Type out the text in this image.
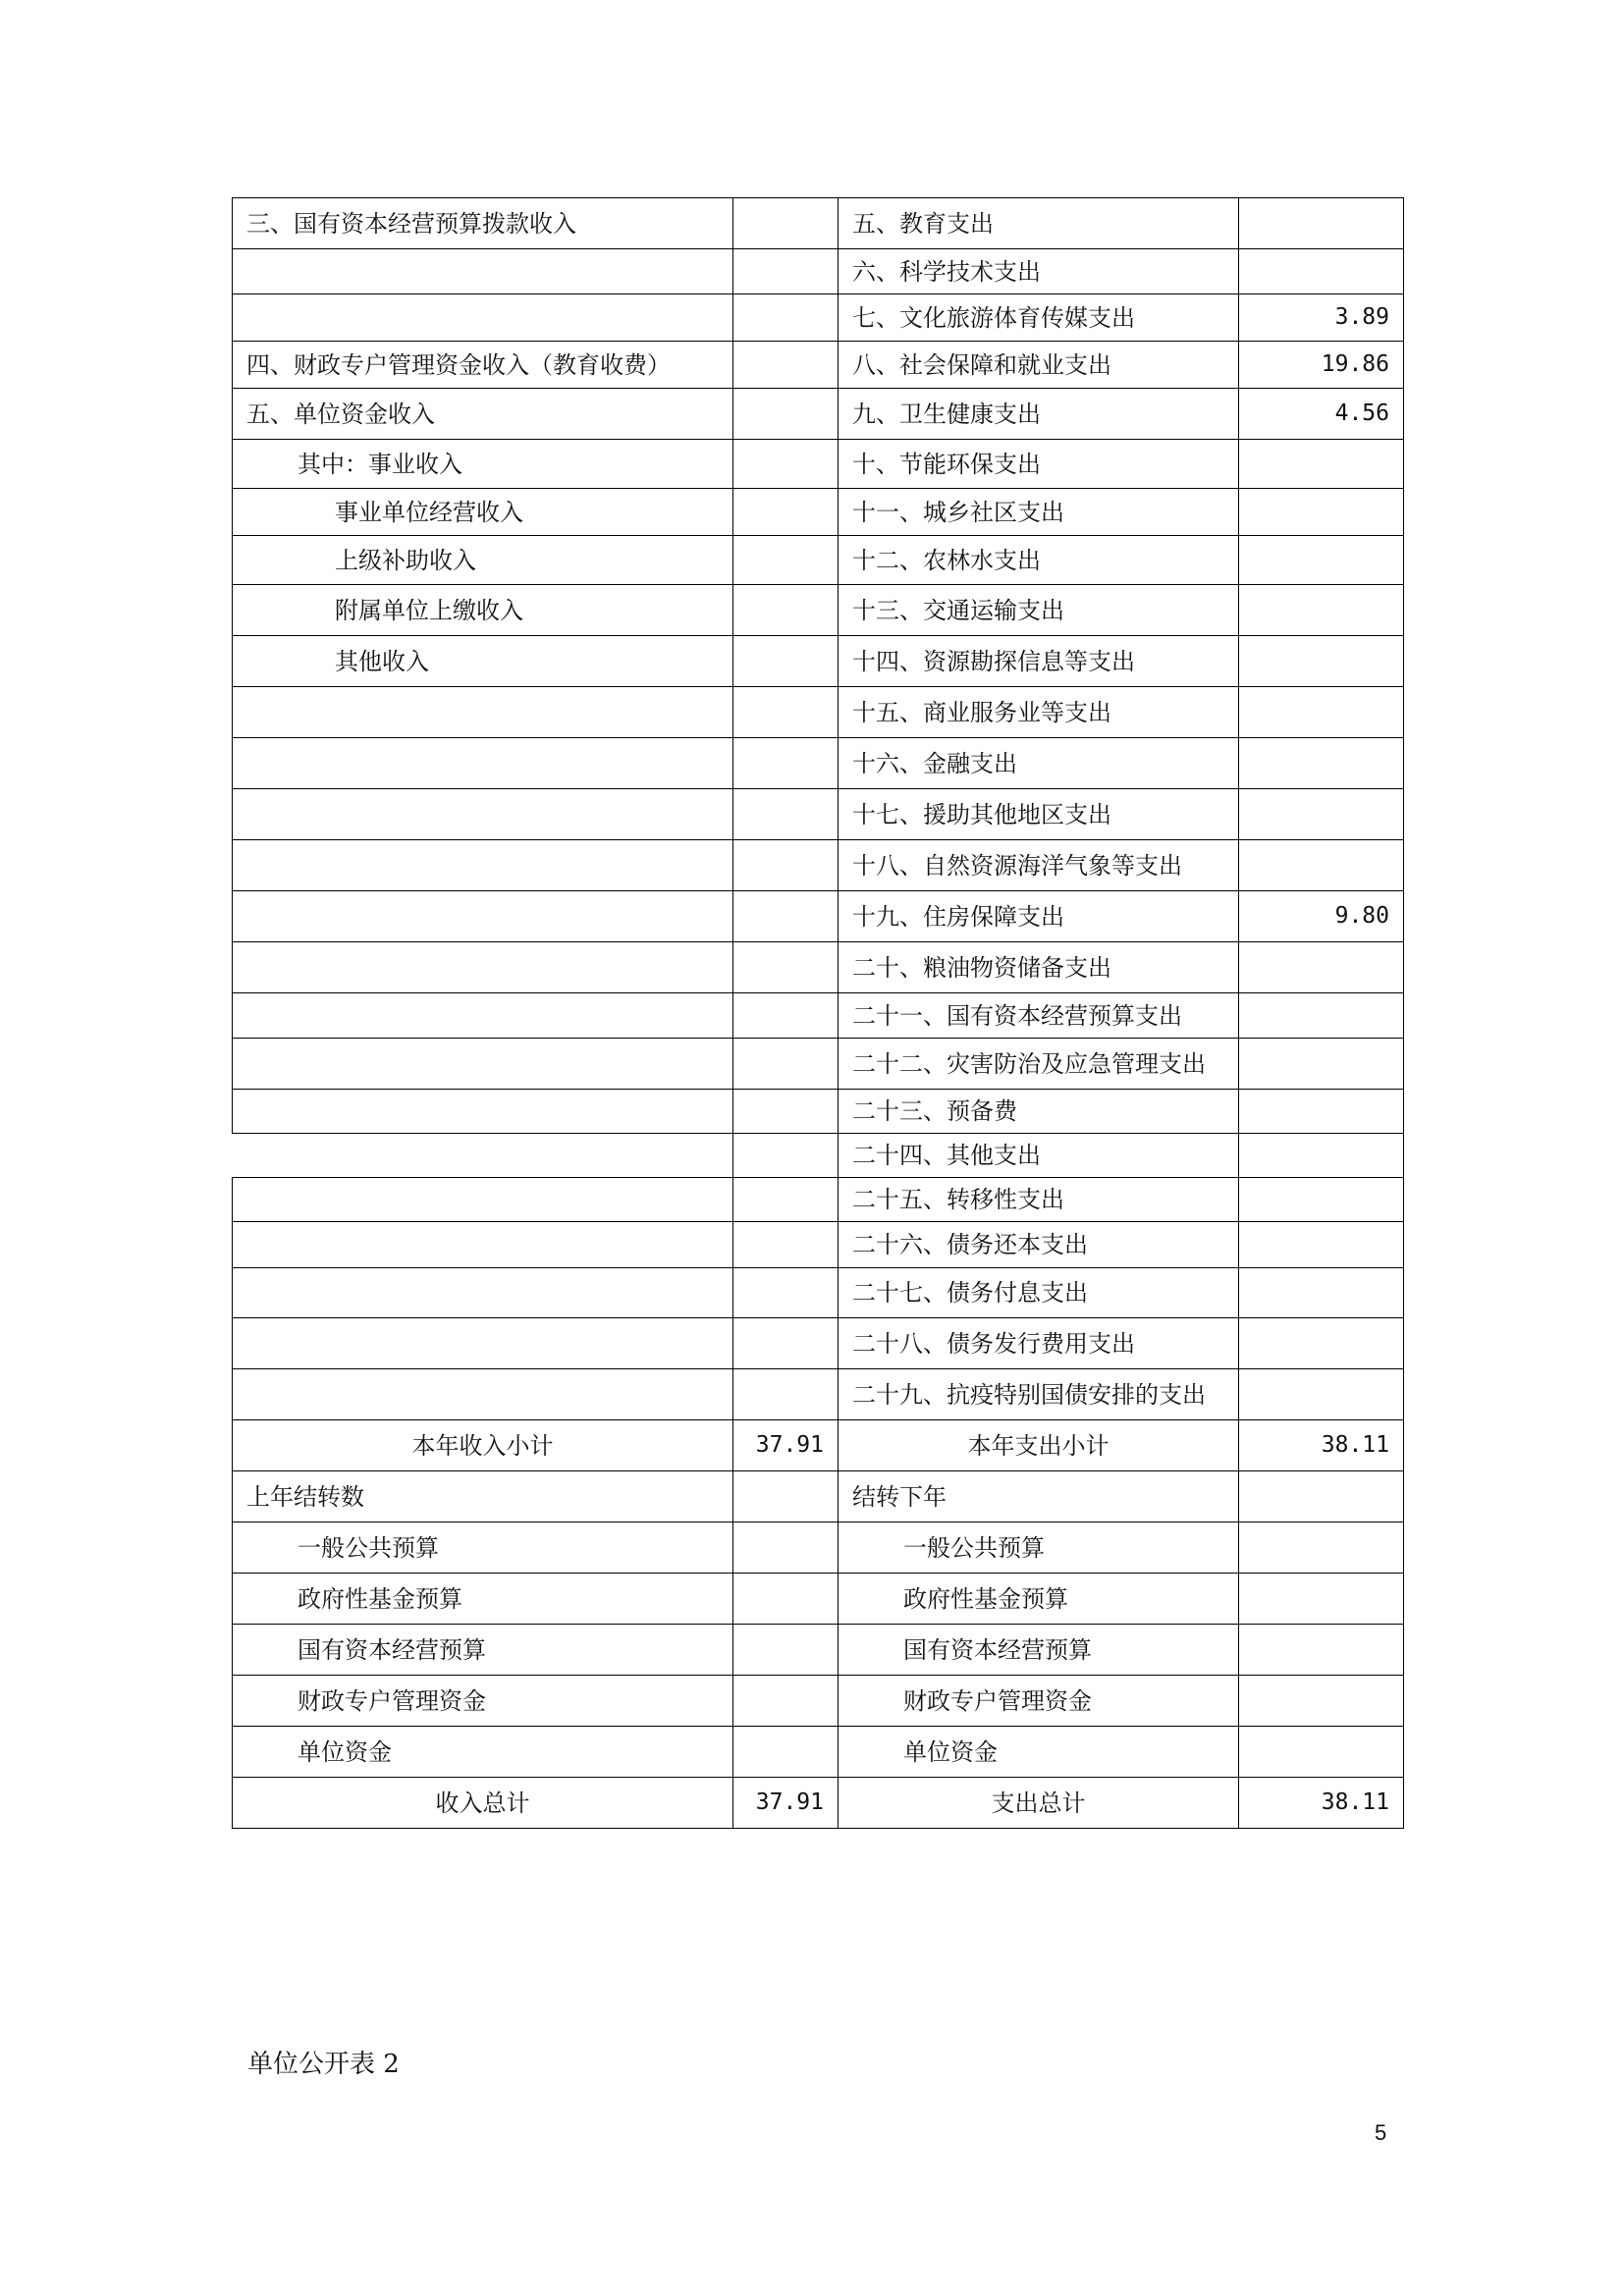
三、国有资本经营预算拨款收入		五、教育支出	
		六、科学技术支出	
		七、文化旅游体育传媒支出	3.89
四、财政专户管理资金收入（教育收费）		八、社会保障和就业支出	19.86
五、单位资金收入		九、卫生健康支出	4.56
其中：事业收入		十、节能环保支出	
事业单位经营收入		十一、城乡社区支出	
上级补助收入		十二、农林水支出	
附属单位上缴收入		十三、交通运输支出	
其他收入		十四、资源勘探信息等支出	
		十五、商业服务业等支出	
		十六、金融支出	
		十七、援助其他地区支出	
		十八、自然资源海洋气象等支出	
		十九、住房保障支出	9.80
		二十、粮油物资储备支出	
		二十一、国有资本经营预算支出	
		二十二、灾害防治及应急管理支出	
		二十三、预备费	
		二十四、其他支出	
		二十五、转移性支出	
		二十六、债务还本支出	
		二十七、债务付息支出	
		二十八、债务发行费用支出	
		二十九、抗疫特别国债安排的支出	
本年收入小计	37.91	本年支出小计	38.11
上年结转数		结转下年	
一般公共预算		一般公共预算	
政府性基金预算		政府性基金预算	
国有资本经营预算		国有资本经营预算	
财政专户管理资金		财政专户管理资金	
单位资金		单位资金	
收入总计	37.91	支出总计	38.11
单位公开表 2
5
